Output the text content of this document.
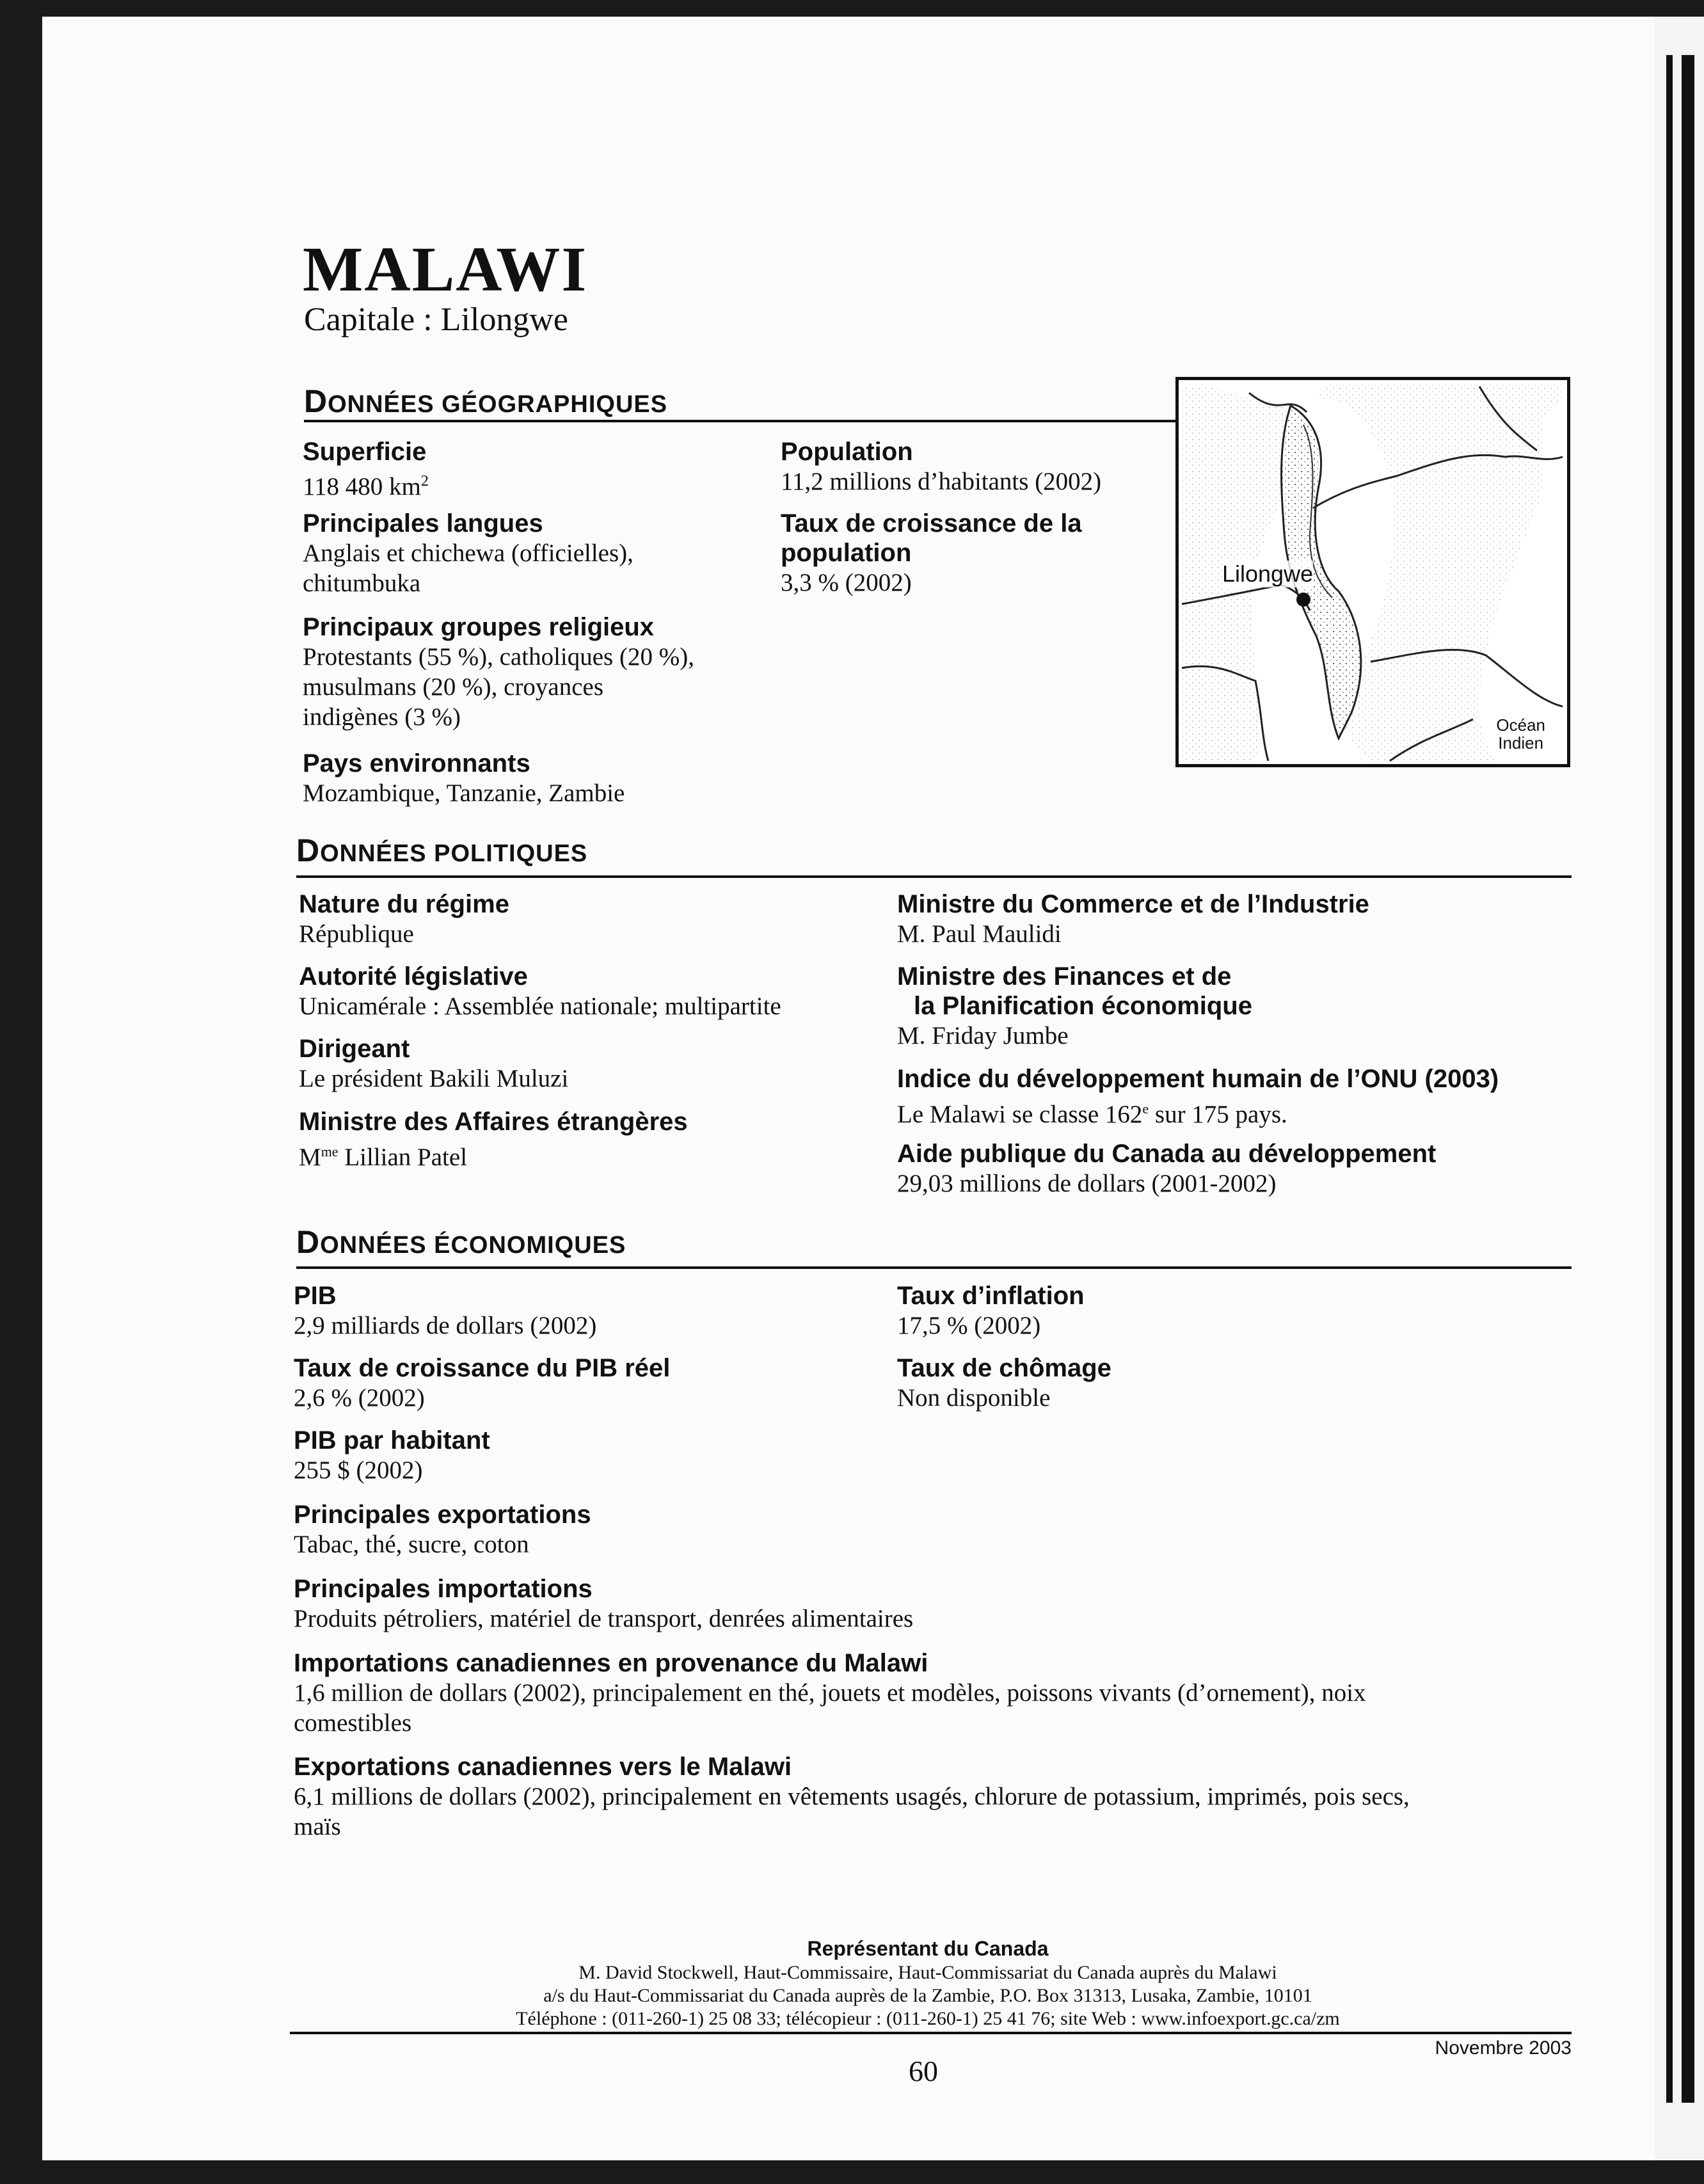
MALAWI
Capitale : Lilongwe
DONNÉES GÉOGRAPHIQUES
Superficie
118 480 $km^2$
Principales langues
Anglais et chichewa (officielles),
chitumbuka
Principaux groupes religieux
Protestants (55 %), catholiques (20 %),
musulmans (20 %), croyances
indigènes (3 %)
Pays environnants
Mozambique, Tanzanie, Zambie
Population
11,2 millions d’habitants (2002)
Taux de croissance de la
population
3,3 % (2002)	Lilongwe
Océan
Indien
DONNÉES POLITIQUES
Nature du régime
République
Autorité législative
Unicamérale : Assemblée nationale; multipartite
Dirigeant
Le président Bakili Muluzi
Ministre des Affaires étrangères
$M^{me}$ Lillian Patel
Ministre du Commerce et de l’Industrie
M. Paul Maulidi
Ministre des Finances et de
la Planification économique
M. Friday Jumbe
Indice du développement humain de l’ONU (2003)
Le Malawi se classe 162e sur 175 pays.
Aide publique du Canada au développement
29,03 millions de dollars (2001-2002)
DONNÉES ÉCONOMIQUES
PIB
2,9 milliards de dollars (2002)
Taux de croissance du PIB réel
2,6 % (2002)
PIB par habitant
255 $ (2002)
Principales exportations
Tabac, thé, sucre, coton
Principales importations
Produits pétroliers, matériel de transport, denrées alimentaires
Importations canadiennes en provenance du Malawi
1,6 million de dollars (2002), principalement en thé, jouets et modèles, poissons vivants (d’ornement), noix
comestibles
Exportations canadiennes vers le Malawi
6,1 millions de dollars (2002), principalement en vêtements usagés, chlorure de potassium, imprimés, pois secs,
maïs
Taux d’inflation
17,5 % (2002)
Taux de chômage
Non disponible
Représentant du Canada
M. David Stockwell, Haut-Commissaire, Haut-Commissariat du Canada auprès du Malawi
a/s du Haut-Commissariat du Canada auprès de la Zambie, P.O. Box 31313, Lusaka, Zambie, 10101
Téléphone : (011-260-1) 25 08 33; télécopieur : (011-260-1) 25 41 76; site Web : www.infoexport.gc.ca/zm
Novembre 2003
60
